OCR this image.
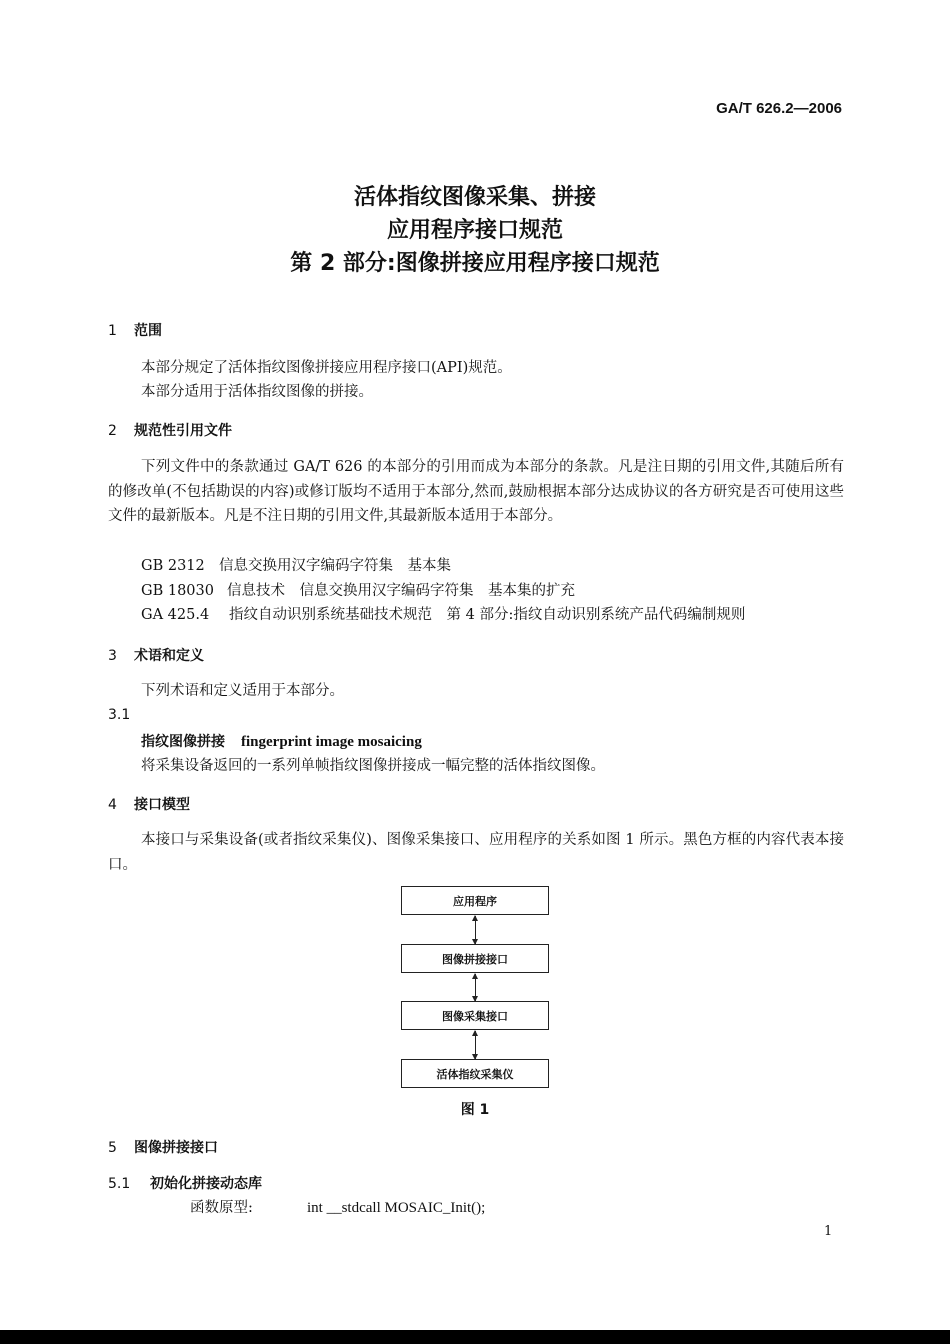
GA/T 626.2—2006
活体指纹图像采集、拼接
应用程序接口规范
第 2 部分:图像拼接应用程序接口规范
1 范围
本部分规定了活体指纹图像拼接应用程序接口(API)规范。
本部分适用于活体指纹图像的拼接。
2 规范性引用文件
下列文件中的条款通过 GA/T 626 的本部分的引用而成为本部分的条款。凡是注日期的引用文件,其随后所有的修改单(不包括勘误的内容)或修订版均不适用于本部分,然而,鼓励根据本部分达成协议的各方研究是否可使用这些文件的最新版本。凡是不注日期的引用文件,其最新版本适用于本部分。
GB 2312 信息交换用汉字编码字符集　基本集
GB 18030 信息技术　信息交换用汉字编码字符集　基本集的扩充
GA 425.4 指纹自动识别系统基础技术规范　第 4 部分:指纹自动识别系统产品代码编制规则
3 术语和定义
下列术语和定义适用于本部分。
3.1
指纹图像拼接 fingerprint image mosaicing
将采集设备返回的一系列单帧指纹图像拼接成一幅完整的活体指纹图像。
4 接口模型
本接口与采集设备(或者指纹采集仪)、图像采集接口、应用程序的关系如图 1 所示。黑色方框的内容代表本接口。
应用程序
图像拼接接口
图像采集接口
活体指纹采集仪
图 1
5 图像拼接接口
5.1 初始化拼接动态库
函数原型:	int __stdcall MOSAIC_Init();
1
